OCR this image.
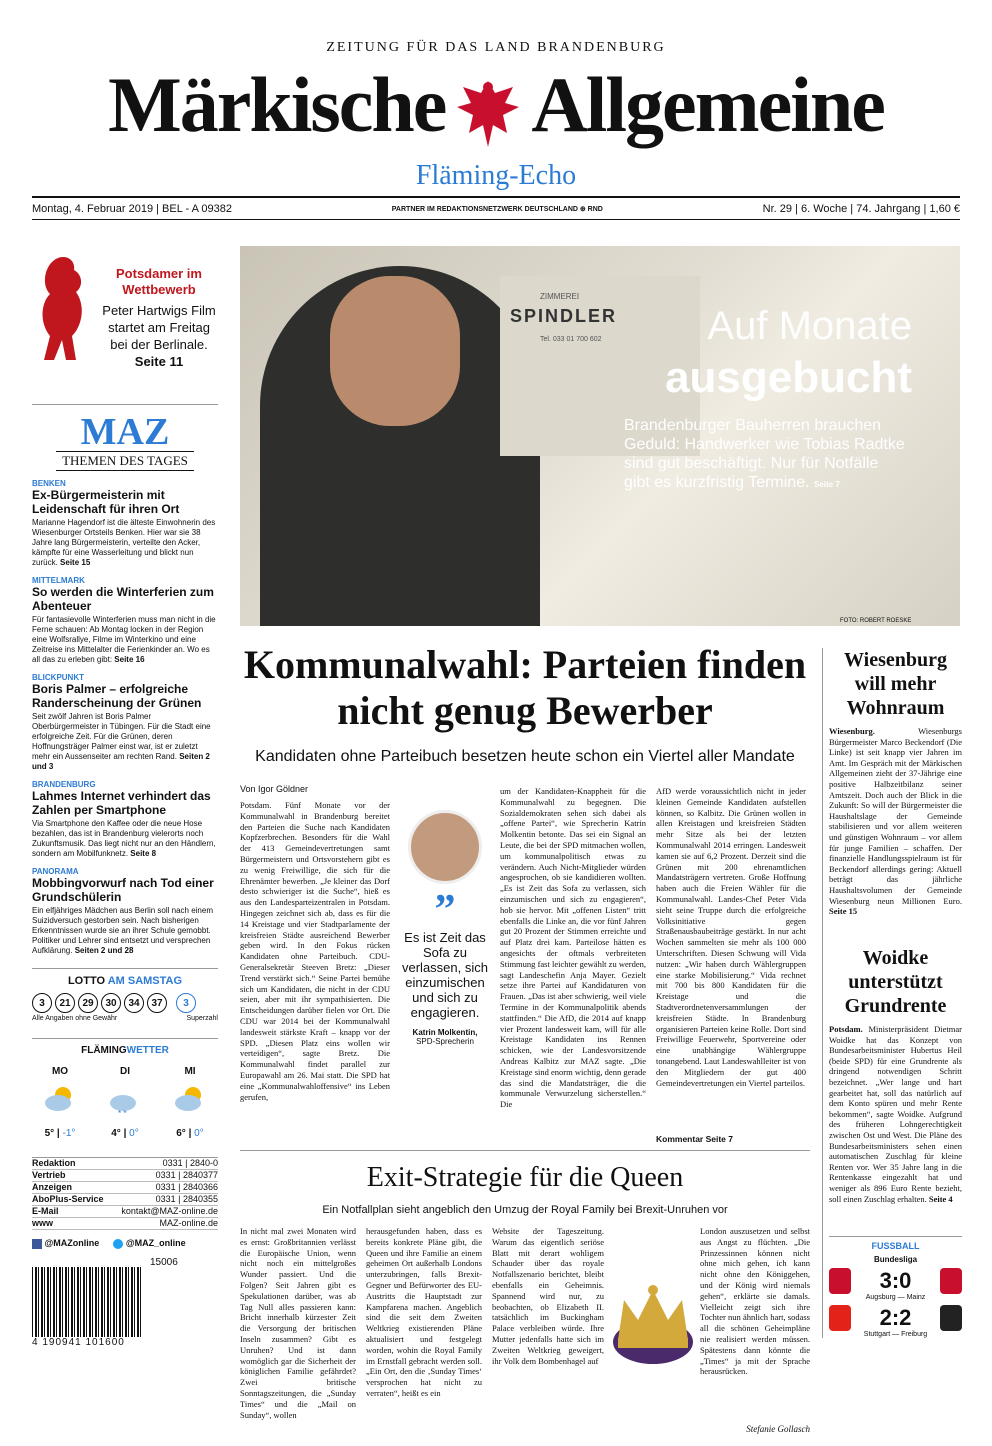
ZEITUNG FÜR DAS LAND BRANDENBURG
Märkische Allgemeine
Fläming-Echo
Montag, 4. Februar 2019 | BEL - A 09382	PARTNER IM REDAKTIONSNETZWERK DEUTSCHLAND ⊕ RND	Nr. 29 | 6. Woche | 74. Jahrgang | 1,60 €
Potsdamer im Wettbewerb
Peter Hartwigs Film startet am Freitag bei der Berlinale. Seite 11
MAZ
THEMEN DES TAGES
BENKEN
Ex-Bürgermeisterin mit Leidenschaft für ihren Ort
Marianne Hagendorf ist die älteste Einwohnerin des Wiesenburger Ortsteils Benken. Hier war sie 38 Jahre lang Bürgermeisterin, verteilte den Acker, kämpfte für eine Wasserleitung und blickt nun zurück. Seite 15
MITTELMARK
So werden die Winterferien zum Abenteuer
Für fantasievolle Winterferien muss man nicht in die Ferne schauen: Ab Montag locken in der Region eine Wolfsrallye, Filme im Winterkino und eine Zeitreise ins Mittelalter die Ferienkinder an. Wo es all das zu erleben gibt: Seite 16
BLICKPUNKT
Boris Palmer – erfolgreiche Randerscheinung der Grünen
Seit zwölf Jahren ist Boris Palmer Oberbürgermeister in Tübingen. Für die Stadt eine erfolgreiche Zeit. Für die Grünen, deren Hoffnungsträger Palmer einst war, ist er zuletzt mehr ein Aussenseiter am rechten Rand. Seiten 2 und 3
BRANDENBURG
Lahmes Internet verhindert das Zahlen per Smartphone
Via Smartphone den Kaffee oder die neue Hose bezahlen, das ist in Brandenburg vielerorts noch Zukunftsmusik. Das liegt nicht nur an den Händlern, sondern am Mobilfunknetz. Seite 8
PANORAMA
Mobbingvorwurf nach Tod einer Grundschülerin
Ein elfjähriges Mädchen aus Berlin soll nach einem Suizidversuch gestorben sein. Nach bisherigen Erkenntnissen wurde sie an ihrer Schule gemobbt. Politiker und Lehrer sind entsetzt und versprechen Aufklärung. Seiten 2 und 28
LOTTO AM SAMSTAG
3	21	29	30	34	37	3
Alle Angaben ohne Gewähr	Superzahl
FLÄMINGWETTER
MO
5° | -1°
DI
* *
4° | 0°
MI
6° | 0°
Redaktion	0331 | 2840-0
Vertrieb	0331 | 2840377
Anzeigen	0331 | 2840366
AboPlus-Service	0331 | 2840355
E-Mail	kontakt@MAZ-online.de
www	MAZ-online.de
@MAZonline	@MAZ_online
15006
4 190941 101600
SPINDLER
ZIMMEREI
Tel. 033 01 700 602	Auf Monate
ausgebucht
Brandenburger Bauherren brauchen Geduld: Handwerker wie Tobias Radtke sind gut beschäftigt. Nur für Notfälle gibt es kurzfristig Termine. Seite 7
FOTO: ROBERT ROESKE
Kommunalwahl: Parteien finden nicht genug Bewerber
Kandidaten ohne Parteibuch besetzen heute schon ein Viertel aller Mandate
Von Igor Göldner
Potsdam. Fünf Monate vor der Kommunalwahl in Brandenburg bereitet den Parteien die Suche nach Kandidaten Kopfzerbrechen. Besonders für die Wahl der 413 Gemeindevertretungen samt Bürgermeistern und Ortsvorstehern gibt es zu wenig Freiwillige, die sich für die Ehrenämter bewerben. „Je kleiner das Dorf desto schwieriger ist die Suche“, hieß es aus den Landesparteizentralen in Potsdam. Hingegen zeichnet sich ab, dass es für die 14 Kreistage und vier Stadtparlamente der kreisfreien Städte ausreichend Bewerber geben wird. In den Fokus rücken Kandidaten ohne Parteibuch. CDU-Generalsekretär Steeven Bretz: „Dieser Trend verstärkt sich.“ Seine Partei bemühe sich um Kandidaten, die nicht in der CDU seien, aber mit ihr sympathisierten. Die Entscheidungen darüber fielen vor Ort. Die CDU war 2014 bei der Kommunalwahl landesweit stärkste Kraft – knapp vor der SPD. „Diesen Platz eins wollen wir verteidigen“, sagte Bretz. Die Kommunalwahl findet parallel zur Europawahl am 26. Mai statt. Die SPD hat eine „Kommunalwahloffensive“ ins Leben gerufen,
”
Es ist Zeit das Sofa zu verlassen, sich einzumischen und sich zu engagieren.
Katrin Molkentin,
SPD-Sprecherin
um der Kandidaten-Knappheit für die Kommunalwahl zu begegnen. Die Sozialdemokraten sehen sich dabei als „offene Partei“, wie Sprecherin Katrin Molkentin betonte. Das sei ein Signal an Leute, die bei der SPD mitmachen wollen, um kommunalpolitisch etwas zu verändern. Auch Nicht-Mitglieder würden angesprochen, ob sie kandidieren wollten. „Es ist Zeit das Sofa zu verlassen, sich einzumischen und sich zu engagieren“, hob sie hervor. Mit „offenen Listen“ tritt ebenfalls die Linke an, die vor fünf Jahren gut 20 Prozent der Stimmen erreichte und auf Platz drei kam. Parteilose hätten es angesichts der oftmals verbreiteten Stimmung fast leichter gewählt zu werden, sagt Landeschefin Anja Mayer. Gezielt setze ihre Partei auf Kandidaturen von Frauen. „Das ist aber schwierig, weil viele Termine in der Kommunalpolitik abends stattfinden.“ Die AfD, die 2014 auf knapp vier Prozent landesweit kam, will für alle Kreistage Kandidaten ins Rennen schicken, wie der Landesvorsitzende Andreas Kalbitz zur MAZ sagte. „Die Kreistage sind enorm wichtig, denn gerade das sind die Mandatsträger, die die kommunale Verwurzelung sicherstellen.“ Die
AfD werde voraussichtlich nicht in jeder kleinen Gemeinde Kandidaten aufstellen können, so Kalbitz. Die Grünen wollen in allen Kreistagen und kreisfreien Städten mehr Sitze als bei der letzten Kommunalwahl 2014 erringen. Landesweit kamen sie auf 6,2 Prozent. Derzeit sind die Grünen mit 200 ehrenamtlichen Mandatsträgern vertreten. Große Hoffnung haben auch die Freien Wähler für die Kommunalwahl. Landes-Chef Peter Vida sieht seine Truppe durch die erfolgreiche Volksinitiative gegen Straßenausbaubeiträge gestärkt. In nur acht Wochen sammelten sie mehr als 100 000 Unterschriften. Diesen Schwung will Vida nutzen: „Wir haben durch Wählergruppen eine starke Mobilisierung.“ Vida rechnet mit 700 bis 800 Kandidaten für die Kreistage und die Stadtverordnetenversammlungen der kreisfreien Städte. In Brandenburg organisieren Parteien keine Rolle. Dort sind Freiwillige Feuerwehr, Sportvereine oder eine unabhängige Wählergruppe tonangebend. Laut Landeswahlleiter ist von den Mitgliedern der gut 400 Gemeindevertretungen ein Viertel parteilos.
Kommentar Seite 7
Wiesenburg will mehr Wohnraum
Wiesenburg.	Wiesenburgs Bürgermeister Marco Beckendorf (Die Linke) ist seit knapp vier Jahren im Amt. Im Gespräch mit der Märkischen Allgemeinen zieht der 37-Jährige eine positive Halbzeitbilanz seiner Amtszeit. Doch auch der Blick in die Zukunft: So will der Bürgermeister die Haushaltslage der Gemeinde stabilisieren und vor allem weiteren und günstigen Wohnraum – vor allem für junge Familien – schaffen. Der finanzielle Handlungsspielraum ist für Beckendorf allerdings gering: Aktuell beträgt das jährliche Haushaltsvolumen der Gemeinde Wiesenburg neun Millionen Euro. Seite 15
Woidke unterstützt Grundrente
Potsdam. Ministerpräsident Dietmar Woidke hat das Konzept von Bundesarbeitsminister Hubertus Heil (beide SPD) für eine Grundrente als dringend notwendigen Schritt bezeichnet. „Wer lange und hart gearbeitet hat, soll das natürlich auf dem Konto spüren und mehr Rente bekommen“, sagte Woidke. Aufgrund des früheren Lohngerechtigkeit zwischen Ost und West. Die Pläne des Bundesarbeitsministers sehen einen automatischen Zuschlag für kleine Renten vor. Wer 35 Jahre lang in die Rentenkasse eingezahlt hat und weniger als 896 Euro Rente bezieht, soll einen Zuschlag erhalten. Seite 4
FUSSBALL
Bundesliga
3:0
Augsburg — Mainz
2:2
Stuttgart — Freiburg
Exit-Strategie für die Queen
Ein Notfallplan sieht angeblich den Umzug der Royal Family bei Brexit-Unruhen vor
In nicht mal zwei Monaten wird es ernst: Großbritannien verlässt die Europäische Union, wenn nicht noch ein mittelgroßes Wunder passiert. Und die Folgen? Seit Jahren gibt es Spekulationen darüber, was ab Tag Null alles passieren kann: Bricht innerhalb kürzester Zeit die Versorgung der britischen Inseln zusammen? Gibt es Unruhen? Und ist dann womöglich gar die Sicherheit der königlichen Familie gefährdet? Zwei britische Sonntagszeitungen, die „Sunday Times“ und die „Mail on Sunday“, wollen
herausgefunden haben, dass es bereits konkrete Pläne gibt, die Queen und ihre Familie an einem geheimen Ort außerhalb Londons unterzubringen, falls Brexit-Gegner und Befürworter des EU-Austritts die Hauptstadt zur Kampfarena machen. Angeblich sind die seit dem Zweiten Weltkrieg existierenden Pläne aktualisiert und festgelegt worden, wohin die Royal Family im Ernstfall gebracht werden soll. „Ein Ort, den die ‚Sunday Times‘ versprochen hat nicht zu verraten“, heißt es ein
Website der Tageszeitung. Warum das eigentlich seriöse Blatt mit derart wohligem Schauder über das royale Notfallszenario berichtet, bleibt ebenfalls ein Geheimnis. Spannend wird nur, zu beobachten, ob Elizabeth II. tatsächlich im Buckingham Palace verbleiben würde. Ihre Mutter jedenfalls hatte sich im Zweiten Weltkrieg geweigert, ihr Volk dem Bombenhagel auf
London auszusetzen und selbst aus Angst zu flüchten. „Die Prinzessinnen können nicht ohne mich gehen, ich kann nicht ohne den Königgehen, und der König wird niemals gehen“, erklärte sie damals. Vielleicht zeigt sich ihre Tochter nun ähnlich hart, sodass all die schönen Geheimpläne nie realisiert werden müssen. Spätestens dann könnte die „Times“ ja mit der Sprache herausrücken.
Stefanie Gollasch
